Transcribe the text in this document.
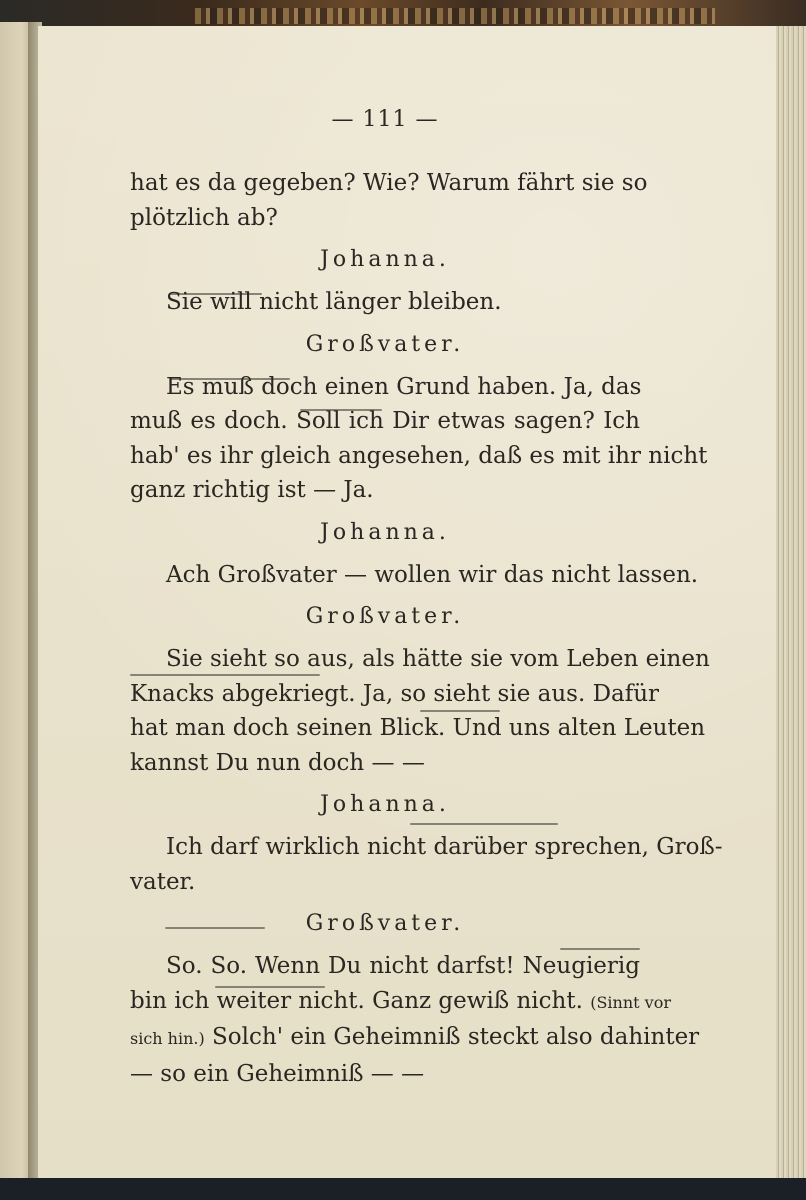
— 111 —
hat es da gegeben? Wie? Warum fährt sie so
plötzlich ab?
Johanna.
Sie will nicht länger bleiben.
Großvater.
Es muß doch einen Grund haben. Ja, das
muß es doch. Soll ich Dir etwas sagen? Ich
hab' es ihr gleich angesehen, daß es mit ihr nicht
ganz richtig ist — Ja.
Johanna.
Ach Großvater — wollen wir das nicht lassen.
Großvater.
Sie sieht so aus, als hätte sie vom Leben einen
Knacks abgekriegt. Ja, so sieht sie aus. Dafür
hat man doch seinen Blick. Und uns alten Leuten
kannst Du nun doch — —
Johanna.
Ich darf wirklich nicht darüber sprechen, Groß-
vater.
Großvater.
So. So. Wenn Du nicht darfst! Neugierig
bin ich weiter nicht. Ganz gewiß nicht. (Sinnt vor
sich hin.) Solch' ein Geheimniß steckt also dahinter
— so ein Geheimniß — —
